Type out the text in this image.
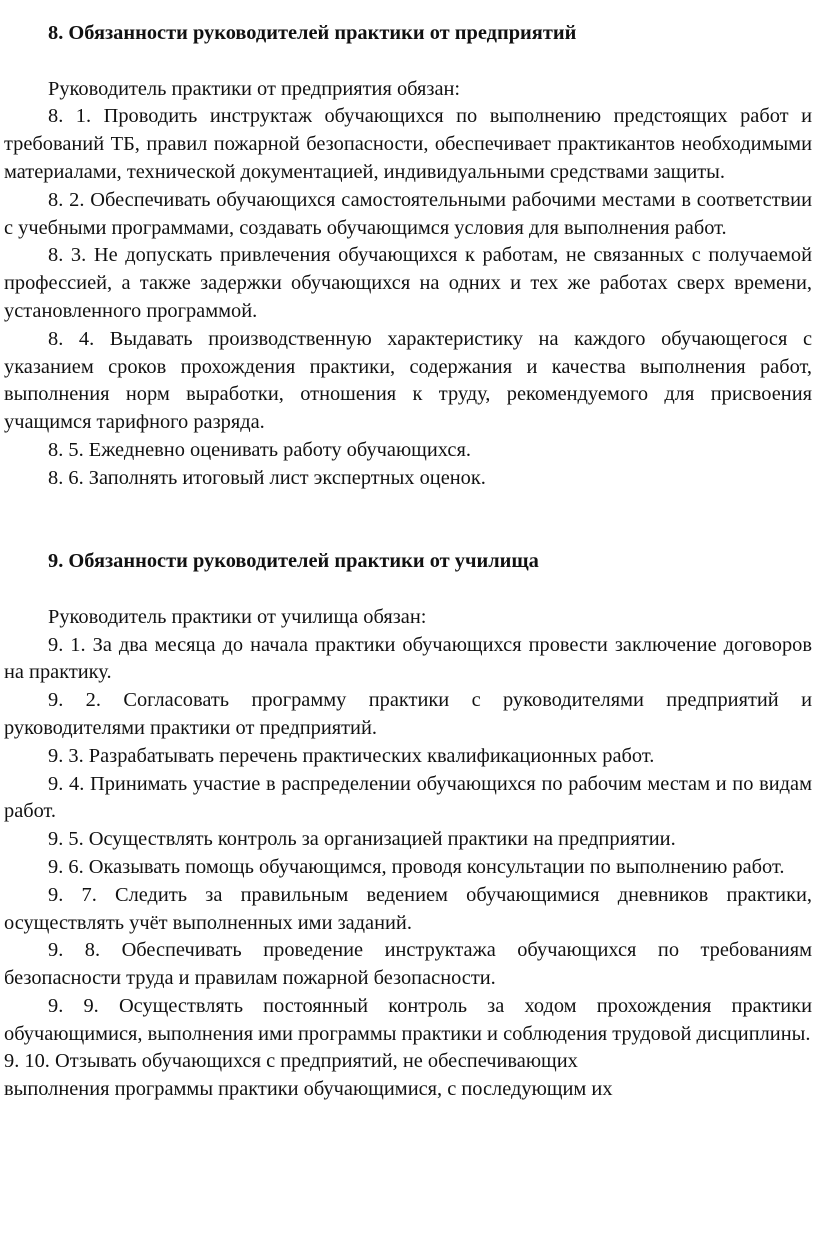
8. Обязанности руководителей практики от предприятий

Руководитель практики от предприятия обязан:

8. 1. Проводить инструктаж обучающихся по выполнению предстоящих работ и требований ТБ, правил пожарной безопасности, обеспечивает практикантов необходимыми материалами, технической документацией, индивидуальными средствами защиты.

8. 2. Обеспечивать обучающихся самостоятельными рабочими местами в соответствии с учебными программами, создавать обучающимся условия для выполнения работ.

8. 3. Не допускать привлечения обучающихся к работам, не связанных с получаемой профессией, а также задержки обучающихся на одних и тех же работах сверх времени, установленного программой.

8. 4. Выдавать производственную характеристику на каждого обучающегося с указанием сроков прохождения практики, содержания и качества выполнения работ, выполнения норм выработки, отношения к труду, рекомендуемого для присвоения учащимся тарифного разряда.

8. 5. Ежедневно оценивать работу обучающихся.

8. 6. Заполнять итоговый лист экспертных оценок.

9. Обязанности руководителей практики от училища

Руководитель практики от училища обязан:

9. 1. За два месяца до начала практики обучающихся провести заключение договоров на практику.

9. 2. Согласовать программу практики с руководителями предприятий и руководителями практики от предприятий.

9. 3. Разрабатывать перечень практических квалификационных работ.

9. 4. Принимать участие в распределении обучающихся по рабочим местам и по видам работ.

9. 5. Осуществлять контроль за организацией практики на предприятии.

9. 6. Оказывать помощь обучающимся, проводя консультации по выполнению работ.

9. 7. Следить за правильным ведением обучающимися дневников практики, осуществлять учёт выполненных ими заданий.

9. 8. Обеспечивать проведение инструктажа обучающихся по требованиям безопасности труда и правилам пожарной безопасности.

9. 9. Осуществлять постоянный контроль за ходом прохождения практики обучающимися, выполнения ими программы практики и соблюдения трудовой дисциплины.

9. 10. Отзывать обучающихся с предприятий, не обеспечивающих

выполнения программы практики обучающимися, с последующим их
